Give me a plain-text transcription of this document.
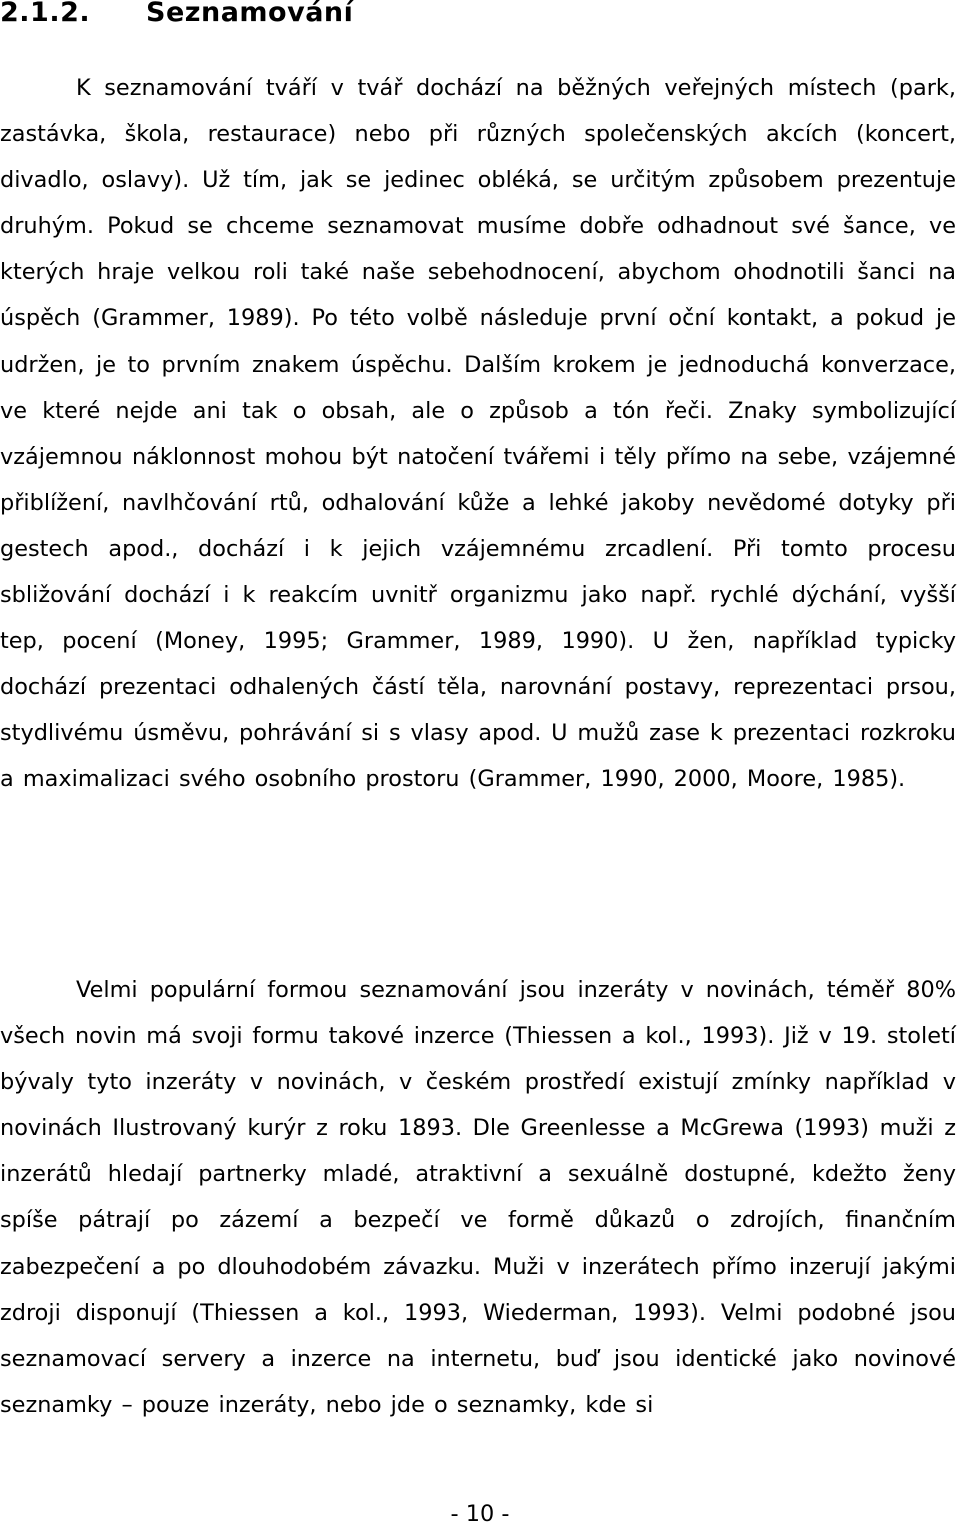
2.1.2. Seznamování

K seznamování tváří v tvář dochází na běžných veřejných místech (park, zastávka, škola, restaurace) nebo při různých společenských akcích (koncert, divadlo, oslavy). Už tím, jak se jedinec obléká, se určitým způsobem prezentuje druhým. Pokud se chceme seznamovat musíme dobře odhadnout své šance, ve kterých hraje velkou roli také naše sebehodnocení, abychom ohodnotili šanci na úspěch (Grammer, 1989). Po této volbě následuje první oční kontakt, a pokud je udržen, je to prvním znakem úspěchu. Dalším krokem je jednoduchá konverzace, ve které nejde ani tak o obsah, ale o způsob a tón řeči. Znaky symbolizující vzájemnou náklonnost mohou být natočení tvářemi i těly přímo na sebe, vzájemné přiblížení, navlhčování rtů, odhalování kůže a lehké jakoby nevědomé dotyky při gestech apod., dochází i k jejich vzájemnému zrcadlení. Při tomto procesu sbližování dochází i k reakcím uvnitř organizmu jako např. rychlé dýchání, vyšší tep, pocení (Money, 1995; Grammer, 1989, 1990). U žen, například typicky dochází prezentaci odhalených částí těla, narovnání postavy, reprezentaci prsou, stydlivému úsměvu, pohrávání si s vlasy apod. U mužů zase k prezentaci rozkroku a maximalizaci svého osobního prostoru (Grammer, 1990, 2000, Moore, 1985).

Velmi populární formou seznamování jsou inzeráty v novinách, téměř 80% všech novin má svoji formu takové inzerce (Thiessen a kol., 1993). Již v 19. století bývaly tyto inzeráty v novinách, v českém prostředí existují zmínky například v novinách Ilustrovaný kurýr z roku 1893. Dle Greenlesse a McGrewa (1993) muži z inzerátů hledají partnerky mladé, atraktivní a sexuálně dostupné, kdežto ženy spíše pátrají po zázemí a bezpečí ve formě důkazů o zdrojích, finančním zabezpečení a po dlouhodobém závazku. Muži v inzerátech přímo inzerují jakými zdroji disponují (Thiessen a kol., 1993, Wiederman, 1993). Velmi podobné jsou seznamovací servery a inzerce na internetu, buď jsou identické jako novinové seznamky – pouze inzeráty, nebo jde o seznamky, kde si

- 10 -
